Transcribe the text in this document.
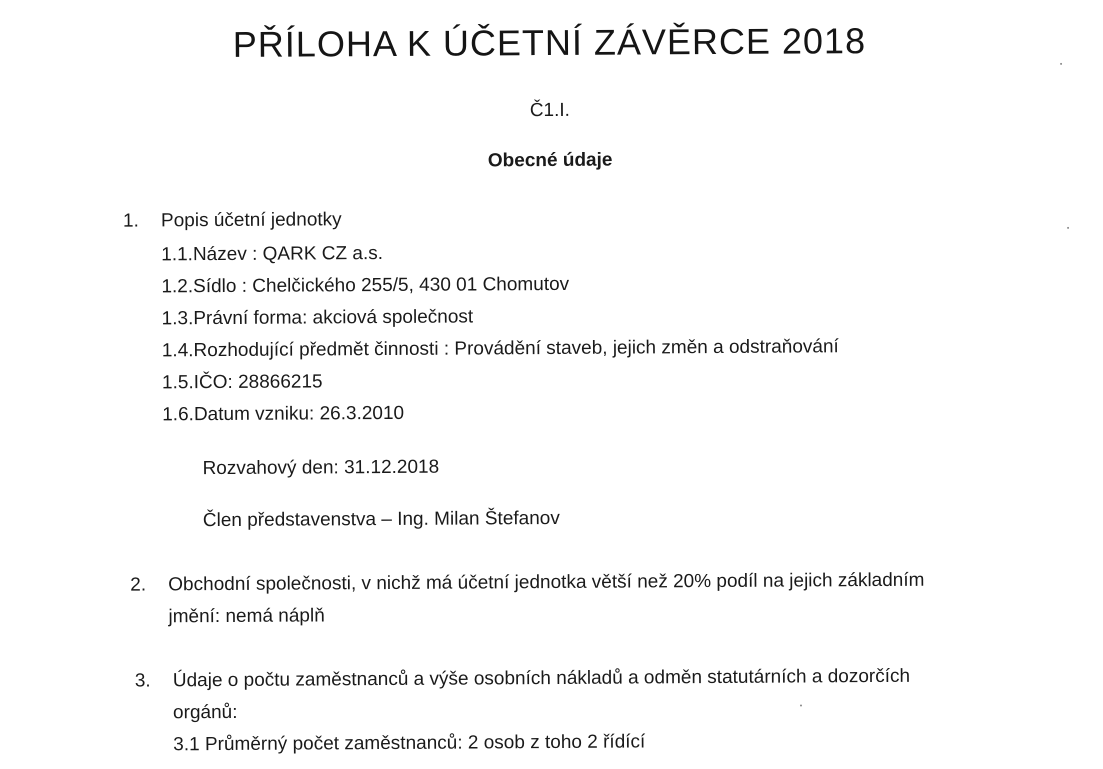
PŘÍLOHA K ÚČETNÍ ZÁVĚRCE 2018
Č1.I.
Obecné údaje
1. Popis účetní jednotky
1.1.Název : QARK CZ a.s.
1.2.Sídlo : Chelčického 255/5, 430 01 Chomutov
1.3.Právní forma: akciová společnost
1.4.Rozhodující předmět činnosti : Provádění staveb, jejich změn a odstraňování
1.5.IČO: 28866215
1.6.Datum vzniku: 26.3.2010
Rozvahový den: 31.12.2018
Člen představenstva – Ing. Milan Štefanov
2. Obchodní společnosti, v nichž má účetní jednotka větší než 20% podíl na jejich základním
jmění: nemá náplň
3. Údaje o počtu zaměstnanců a výše osobních nákladů a odměn statutárních a dozorčích
orgánů:
3.1 Průměrný počet zaměstnanců: 2 osob z toho 2 řídící
